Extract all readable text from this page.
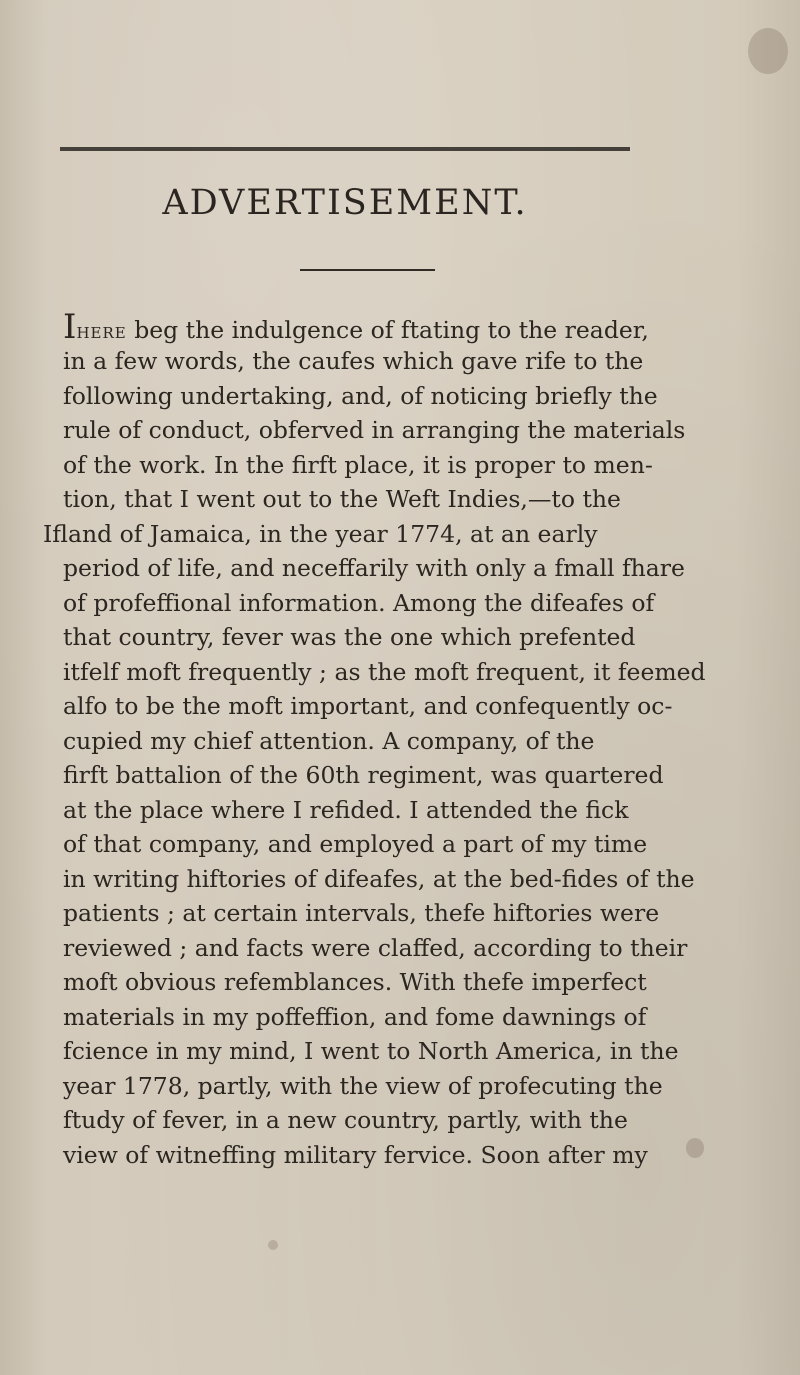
ADVERTISEMENT.
IHERE beg the indulgence of ftating to the reader,
in a few words, the caufes which gave rife to the
following undertaking, and, of noticing briefly the
rule of conduct, obferved in arranging the materials
of the work. In the firft place, it is proper to men-
tion, that I went out to the Weft Indies,—to the
Ifland of Jamaica, in the year 1774, at an early
period of life, and neceffarily with only a fmall fhare
of profeffional information. Among the difeafes of
that country, fever was the one which prefented
itfelf moft frequently ; as the moft frequent, it feemed
alfo to be the moft important, and confequently oc-
cupied my chief attention. A company, of the
firft battalion of the 60th regiment, was quartered
at the place where I refided. I attended the fick
of that company, and employed a part of my time
in writing hiftories of difeafes, at the bed-fides of the
patients ; at certain intervals, thefe hiftories were
reviewed ; and facts were claffed, according to their
moft obvious refemblances. With thefe imperfect
materials in my poffeffion, and fome dawnings of
fcience in my mind, I went to North America, in the
year 1778, partly, with the view of profecuting the
ftudy of fever, in a new country, partly, with the
view of witneffing military fervice. Soon after my
